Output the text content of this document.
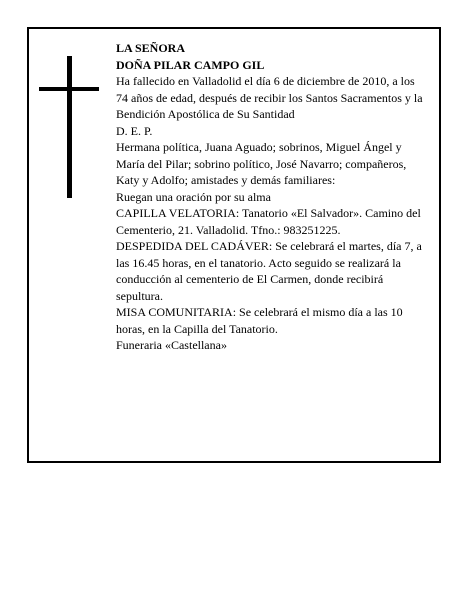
LA SEÑORA

DOÑA PILAR CAMPO GIL

Ha fallecido en Valladolid el día 6 de diciembre de 2010, a los 74 años de edad, después de recibir los Santos Sacramentos y la Bendición Apostólica de Su Santidad

D. E. P.

Hermana política, Juana Aguado; sobrinos, Miguel Ángel y María del Pilar; sobrino político, José Navarro; compañeros, Katy y Adolfo; amistades y demás familiares:

Ruegan una oración por su alma

CAPILLA VELATORIA: Tanatorio «El Salvador». Camino del Cementerio, 21. Valladolid. Tfno.: 983251225.

DESPEDIDA DEL CADÁVER: Se celebrará el martes, día 7, a las 16.45 horas, en el tanatorio. Acto seguido se realizará la conducción al cementerio de El Carmen, donde recibirá sepultura.

MISA COMUNITARIA: Se celebrará el mismo día a las 10 horas, en la Capilla del Tanatorio.

Funeraria «Castellana»
